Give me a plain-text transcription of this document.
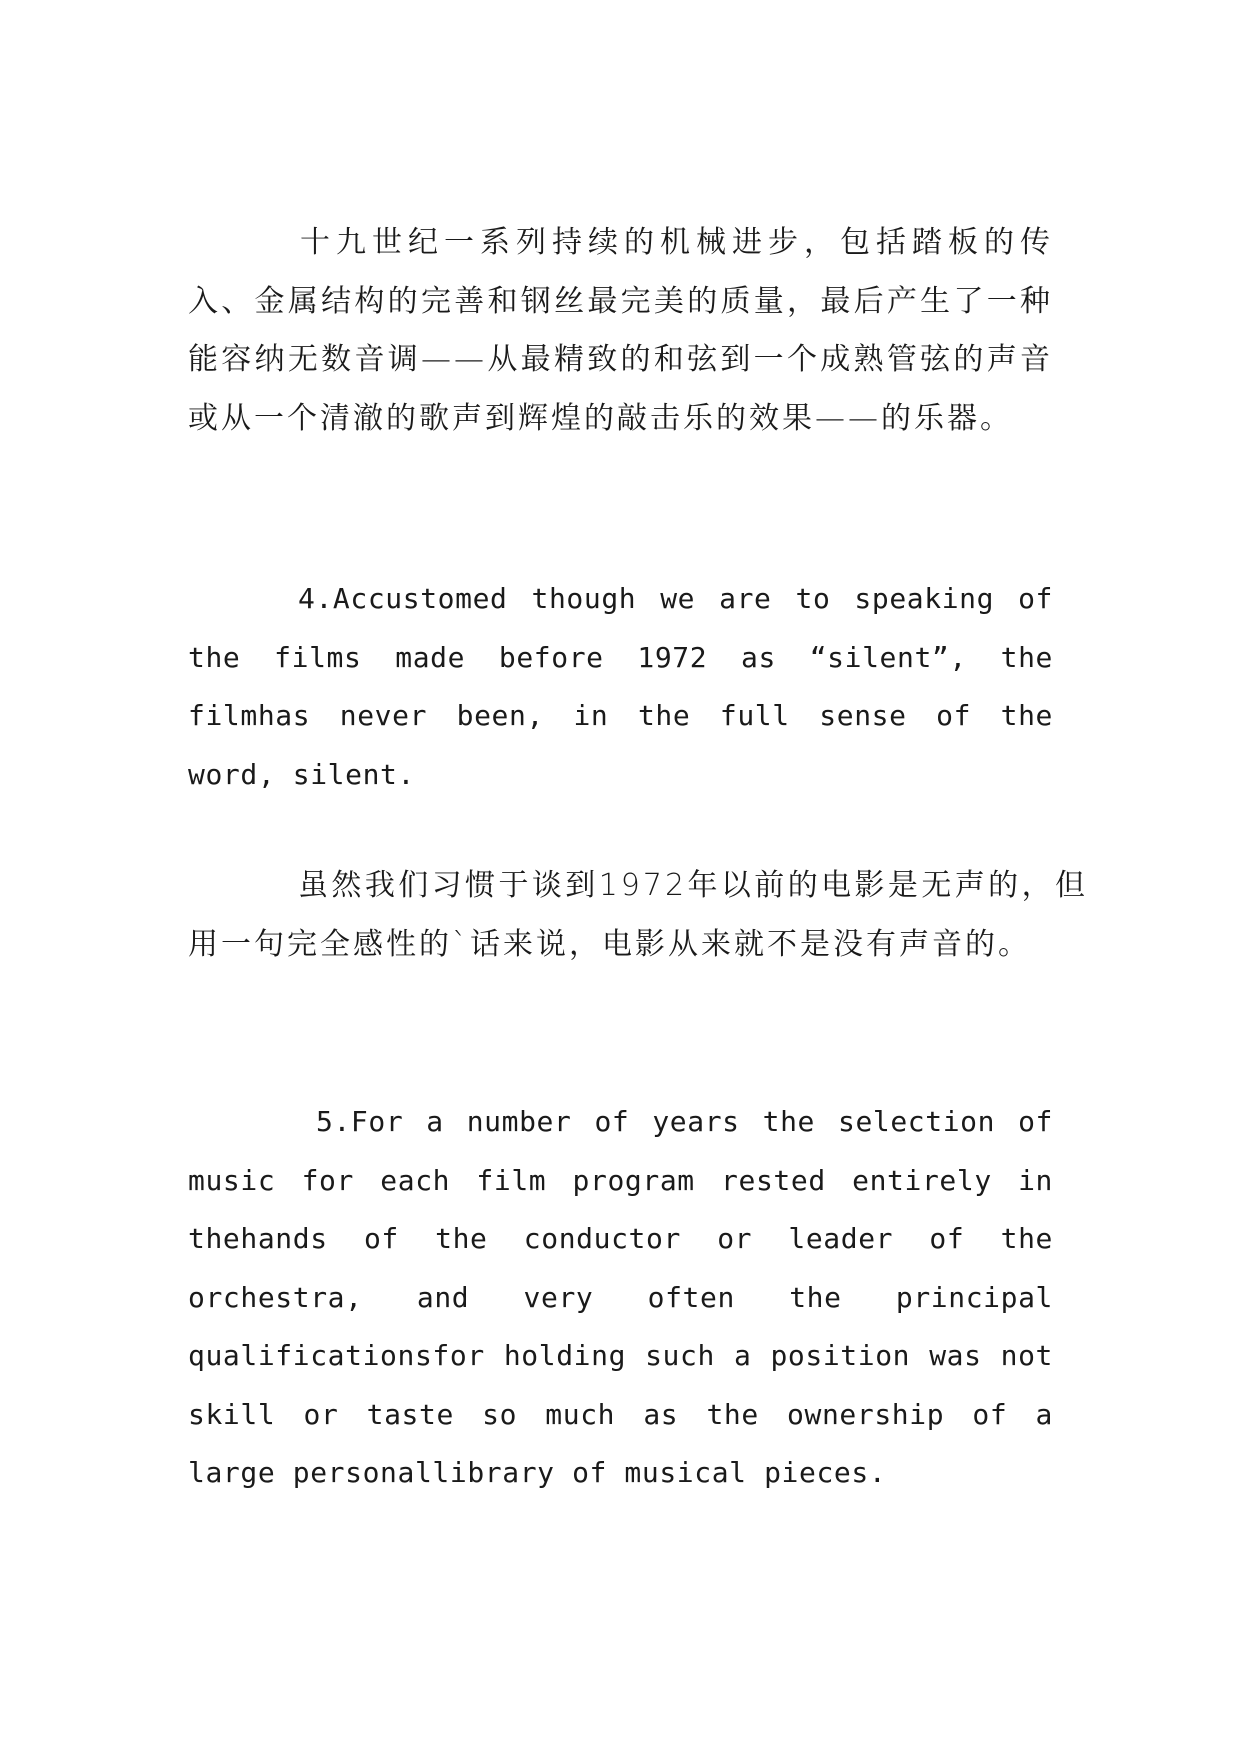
十九世纪一系列持续的机械进步，包括踏板的传入、金属结构的完善和钢丝最完美的质量，最后产生了一种能容纳无数音调——从最精致的和弦到一个成熟管弦的声音或从一个清澈的歌声到辉煌的敲击乐的效果——的乐器。

4.Accustomed though we are to speaking of the films made before 1972 as “silent”, the filmhas never been, in the full sense of the word, silent.

虽然我们习惯于谈到1972年以前的电影是无声的，但用一句完全感性的`话来说，电影从来就不是没有声音的。

5.For a number of years the selection of music for each film program rested entirely in thehands of the conductor or leader of the orchestra, and very often the principal qualificationsfor holding such a position was not skill or taste so much as the ownership of a large personallibrary of musical pieces.
